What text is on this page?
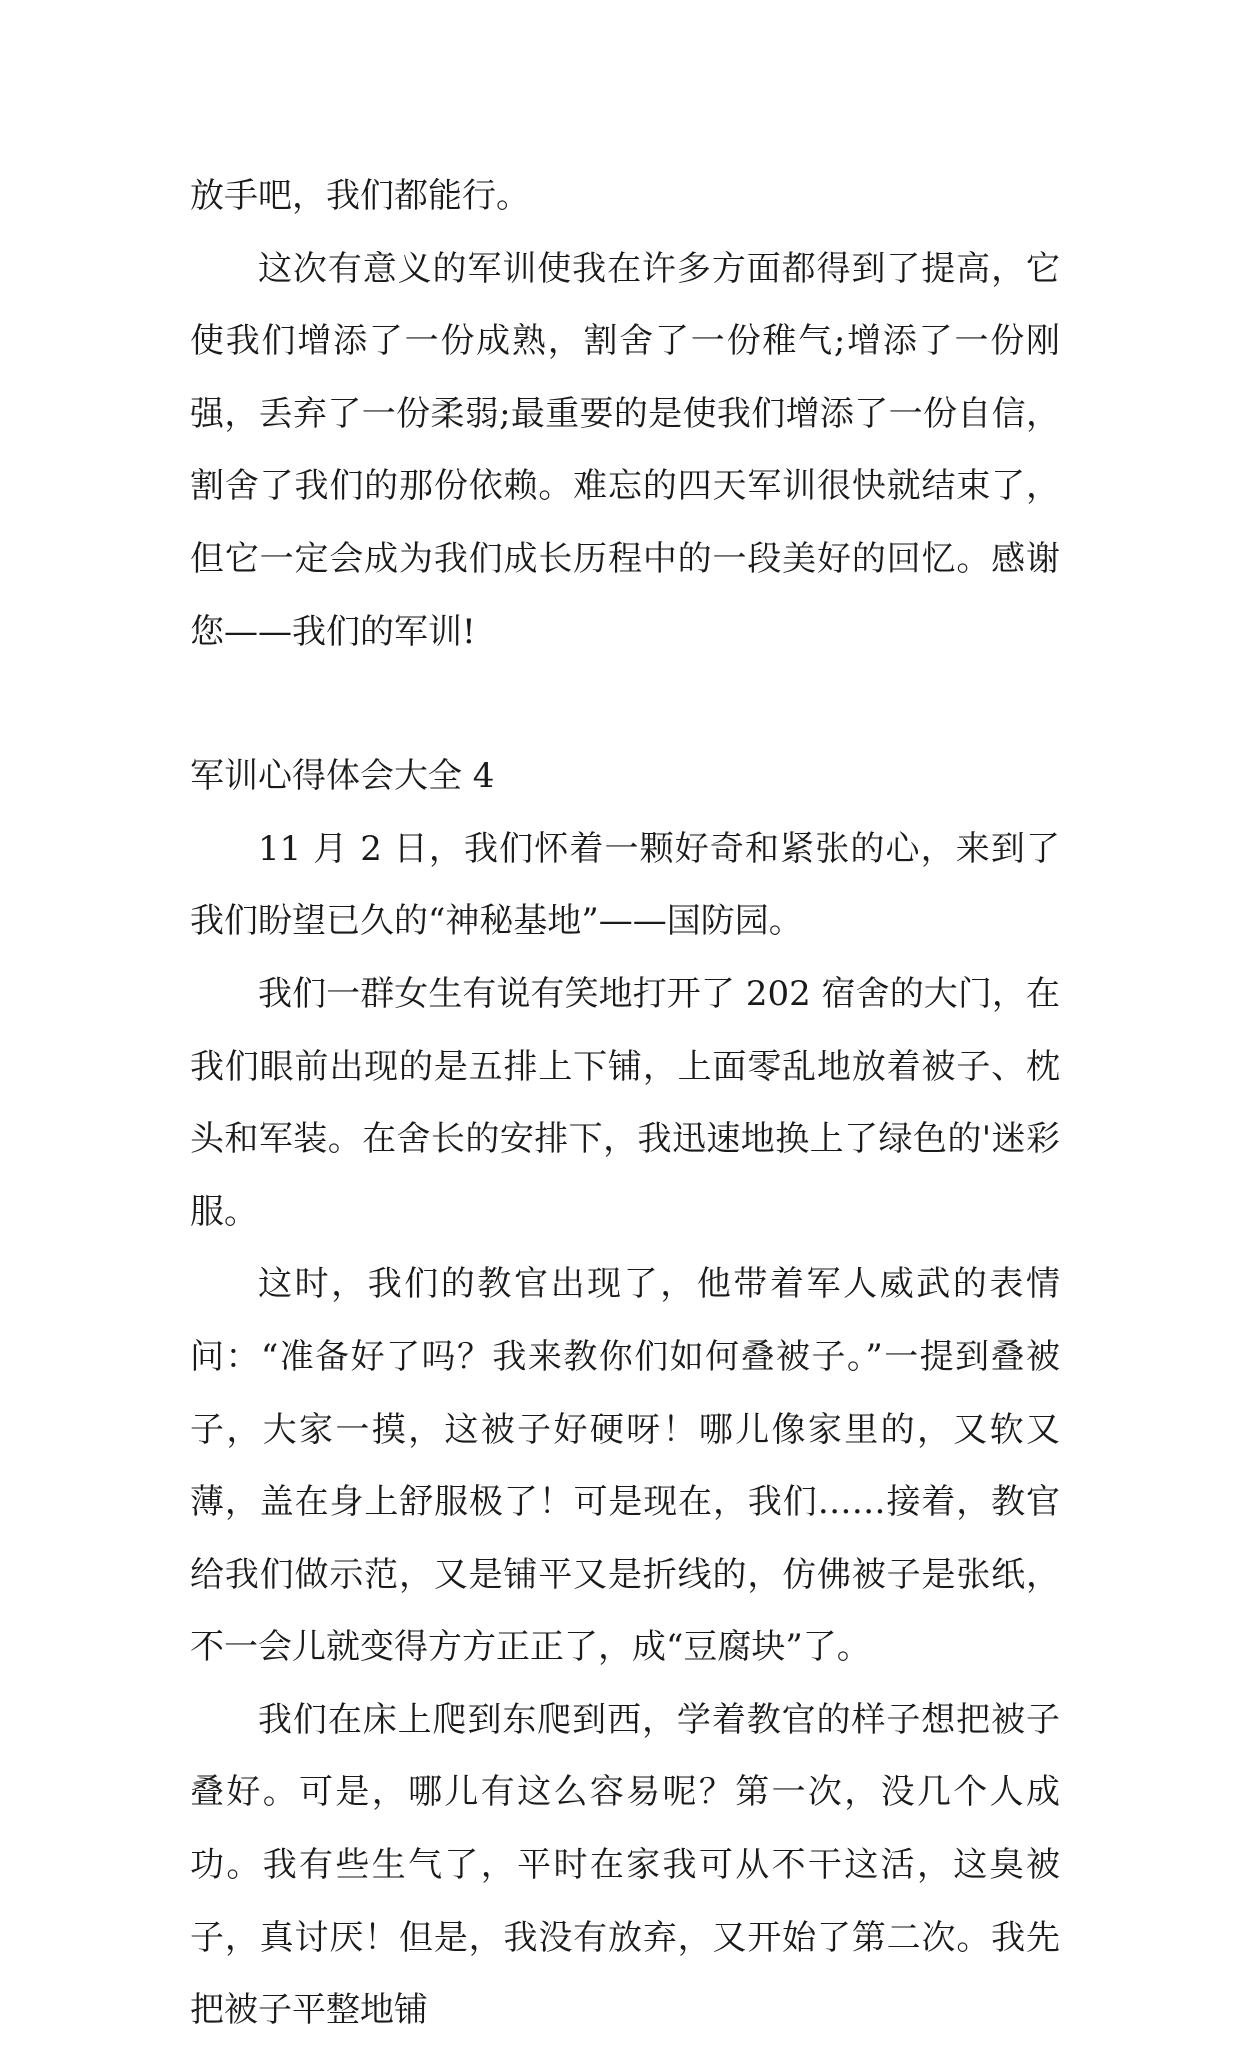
放手吧，我们都能行。

这次有意义的军训使我在许多方面都得到了提高，它使我们增添了一份成熟，割舍了一份稚气;增添了一份刚强，丢弃了一份柔弱;最重要的是使我们增添了一份自信，割舍了我们的那份依赖。难忘的四天军训很快就结束了，但它一定会成为我们成长历程中的一段美好的回忆。感谢您——我们的军训!

军训心得体会大全 4

11 月 2 日，我们怀着一颗好奇和紧张的心，来到了我们盼望已久的“神秘基地”——国防园。

我们一群女生有说有笑地打开了 202 宿舍的大门，在我们眼前出现的是五排上下铺，上面零乱地放着被子、枕头和军装。在舍长的安排下，我迅速地换上了绿色的'迷彩服。

这时，我们的教官出现了，他带着军人威武的表情问：“准备好了吗？我来教你们如何叠被子。”一提到叠被子，大家一摸，这被子好硬呀！哪儿像家里的，又软又薄，盖在身上舒服极了！可是现在，我们……接着，教官给我们做示范，又是铺平又是折线的，仿佛被子是张纸，不一会儿就变得方方正正了，成“豆腐块”了。

我们在床上爬到东爬到西，学着教官的样子想把被子叠好。可是，哪儿有这么容易呢？第一次，没几个人成功。我有些生气了，平时在家我可从不干这活，这臭被子，真讨厌！但是，我没有放弃，又开始了第二次。我先把被子平整地铺
